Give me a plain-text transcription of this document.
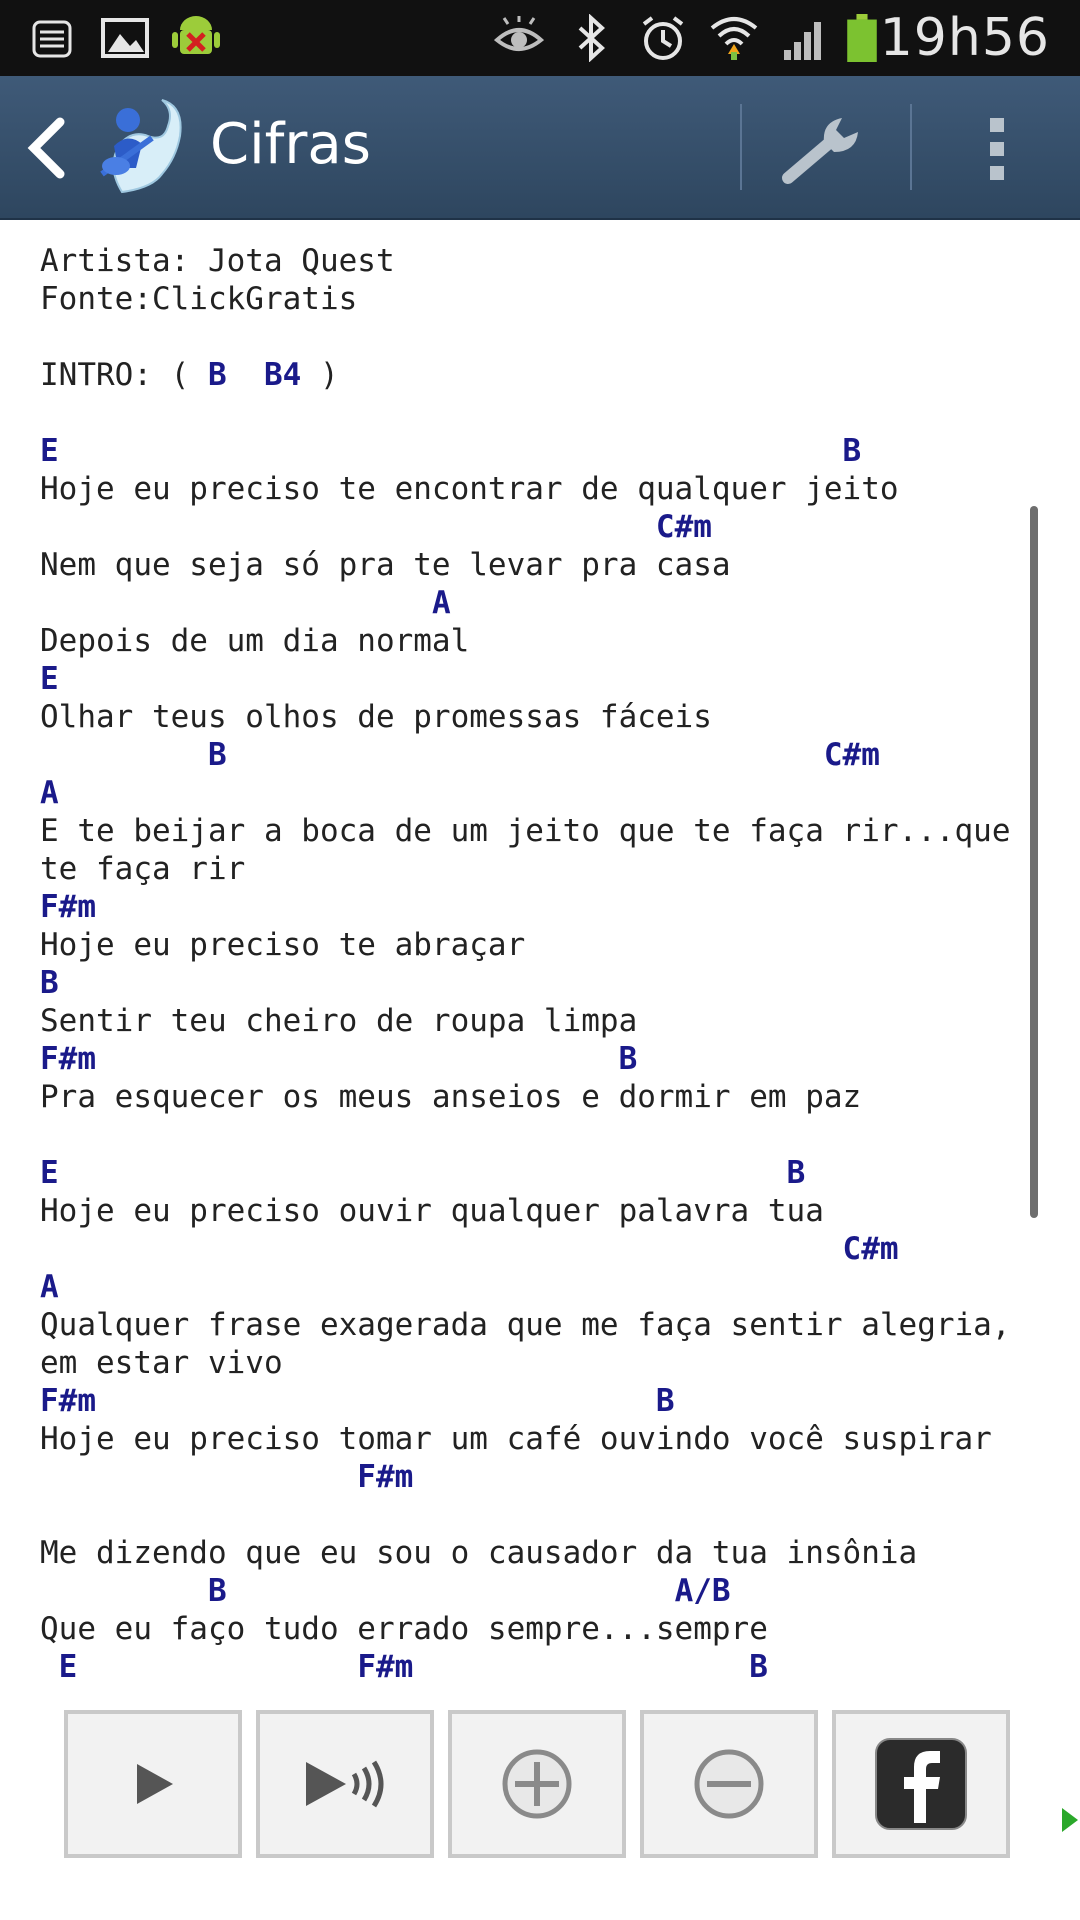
19h56
Cifras
Artista: Jota Quest
Fonte:ClickGratis
INTRO: ( B B4 )
E	B
Hoje eu preciso te encontrar de qualquer jeito
C#m
Nem que seja só pra te levar pra casa
A
Depois de um dia normal
E
Olhar teus olhos de promessas fáceis
B	C#m
A
E te beijar a boca de um jeito que te faça rir...que
te faça rir
F#m
Hoje eu preciso te abraçar
B
Sentir teu cheiro de roupa limpa
F#m	B
Pra esquecer os meus anseios e dormir em paz
E	B
Hoje eu preciso ouvir qualquer palavra tua
C#m
A
Qualquer frase exagerada que me faça sentir alegria,
em estar vivo
F#m	B
Hoje eu preciso tomar um café ouvindo você suspirar
F#m
Me dizendo que eu sou o causador da tua insônia
B	A/B
Que eu faço tudo errado sempre...sempre
E	F#m	B
